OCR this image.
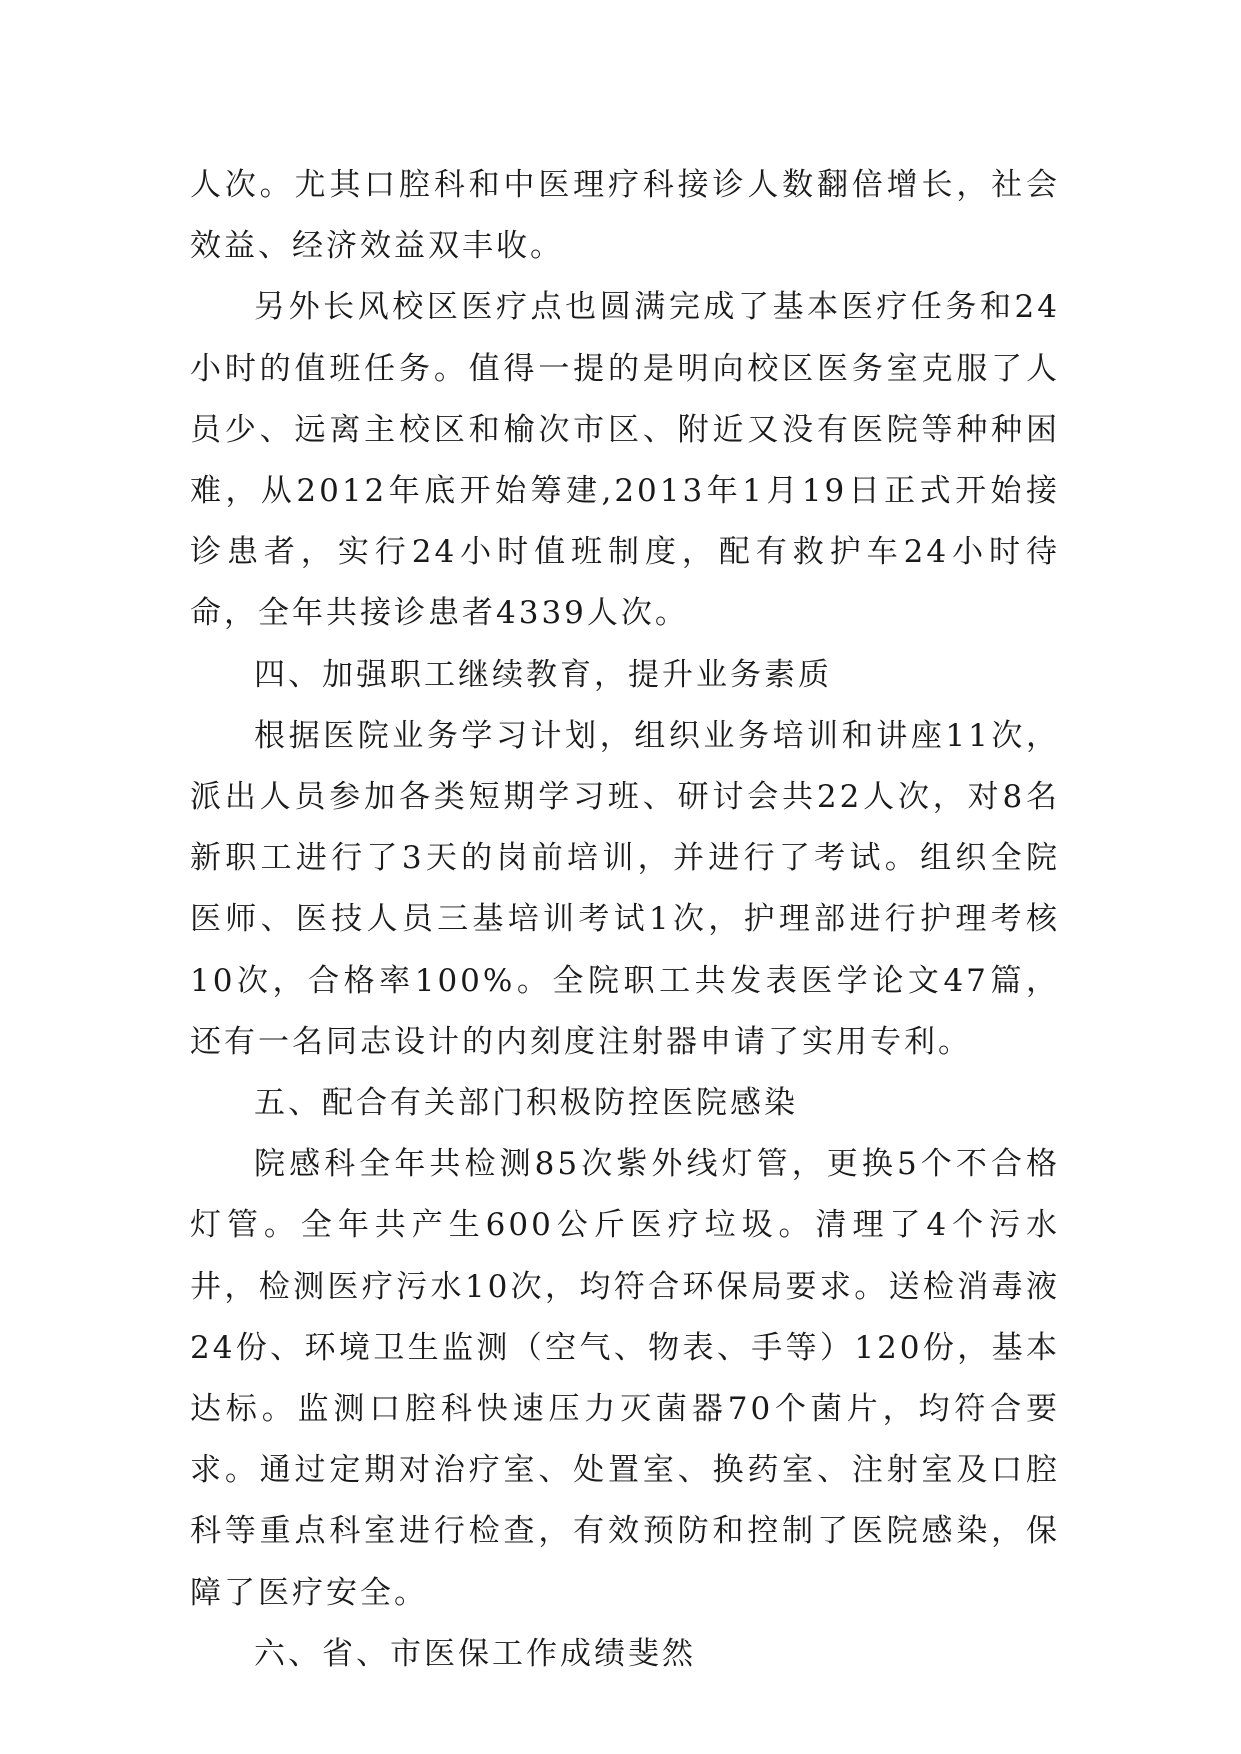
人次。尤其口腔科和中医理疗科接诊人数翻倍增长，社会效益、经济效益双丰收。

另外长风校区医疗点也圆满完成了基本医疗任务和24小时的值班任务。值得一提的是明向校区医务室克服了人员少、远离主校区和榆次市区、附近又没有医院等种种困难，从2012年底开始筹建,2013年1月19日正式开始接诊患者，实行24小时值班制度，配有救护车24小时待命，全年共接诊患者4339人次。

四、加强职工继续教育，提升业务素质

根据医院业务学习计划，组织业务培训和讲座11次，派出人员参加各类短期学习班、研讨会共22人次，对8名新职工进行了3天的岗前培训，并进行了考试。组织全院医师、医技人员三基培训考试1次，护理部进行护理考核10次，合格率100%。全院职工共发表医学论文47篇，还有一名同志设计的内刻度注射器申请了实用专利。

五、配合有关部门积极防控医院感染

院感科全年共检测85次紫外线灯管，更换5个不合格灯管。全年共产生600公斤医疗垃圾。清理了4个污水井，检测医疗污水10次，均符合环保局要求。送检消毒液24份、环境卫生监测（空气、物表、手等）120份，基本达标。监测口腔科快速压力灭菌器70个菌片，均符合要求。通过定期对治疗室、处置室、换药室、注射室及口腔科等重点科室进行检查，有效预防和控制了医院感染，保障了医疗安全。

六、省、市医保工作成绩斐然
